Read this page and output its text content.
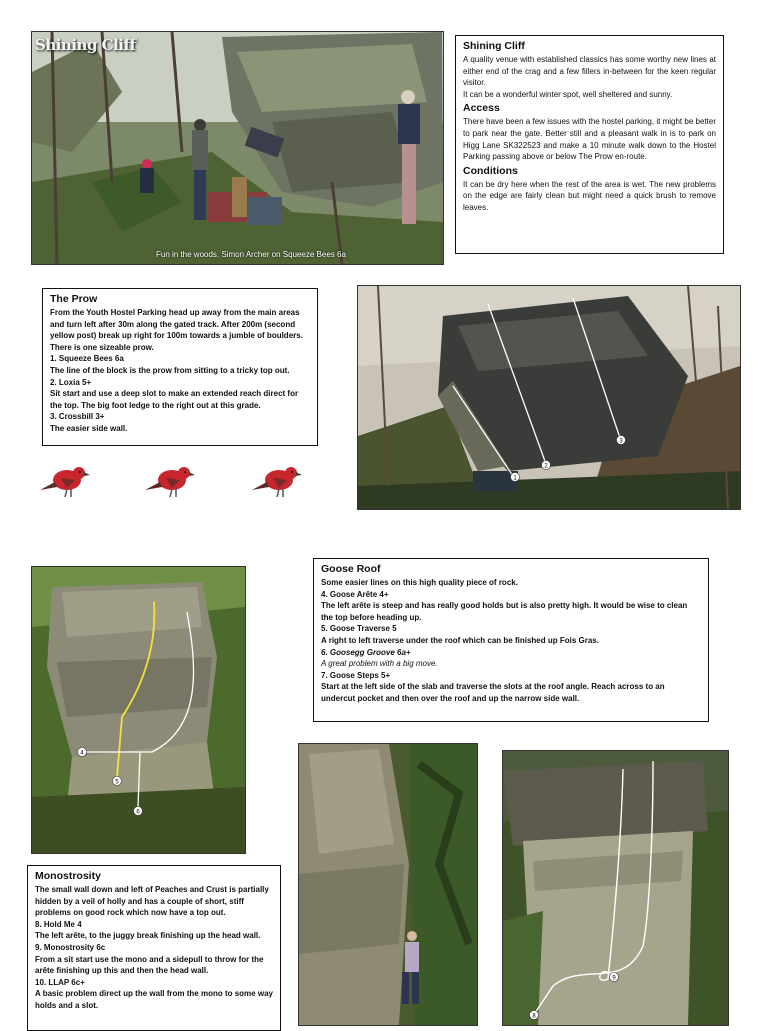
Shining Cliff
Fun in the woods. Simon Archer on Squeeze Bees 6a
Shining Cliff

A quality venue with established classics has some worthy new lines at either end of the crag and a few fillers in-between for the keen regular visitor.

It can be a wonderful winter spot, well sheltered and sunny.

Access

There have been a few issues with the hostel parking, it might be better to park near the gate. Better still and a pleasant walk in is to park on Higg Lane SK322523 and make a 10 minute walk down to the Hostel Parking passing above or below The Prow en-route.

Conditions

It can be dry here when the rest of the area is wet. The new problems on the edge are fairly clean but might need a quick brush to remove leaves.

The Prow

From the Youth Hostel Parking head up away from the main areas and turn left after 30m along the gated track. After 200m (second yellow post) break up right for 100m towards a jumble of boulders. There is one sizeable prow.

1. Squeeze Bees 6a

The line of the block is the prow from sitting to a tricky top out.

2. Loxia 5+

Sit start and use a deep slot to make an extended reach direct for the top. The big foot ledge to the right out at this grade.

3. Crossbill 3+

The easier side wall.

1
2
3
4
5
6
Goose Roof

Some easier lines on this high quality piece of rock.

4. Goose Arête 4+

The left arête is steep and has really good holds but is also pretty high. It would be wise to clean the top before heading up.

5. Goose Traverse 5

A right to left traverse under the roof which can be finished up Fois Gras.

6. Goosegg Groove 6a+

A great problem with a big move.

7. Goose Steps 5+

Start at the left side of the slab and traverse the slots at the roof angle. Reach across to an undercut pocket and then over the roof and up the narrow side wall.

8
9
Monostrosity

The small wall down and left of Peaches and Crust is partially hidden by a veil of holly and has a couple of short, stiff problems on good rock which now have a top out.

8. Hold Me 4

The left arête, to the juggy break finishing up the head wall.

9. Monostrosity 6c

From a sit start use the mono and a sidepull to throw for the arête finishing up this and then the head wall.

10. LLAP 6c+

A basic problem direct up the wall from the mono to some way holds and a slot.
